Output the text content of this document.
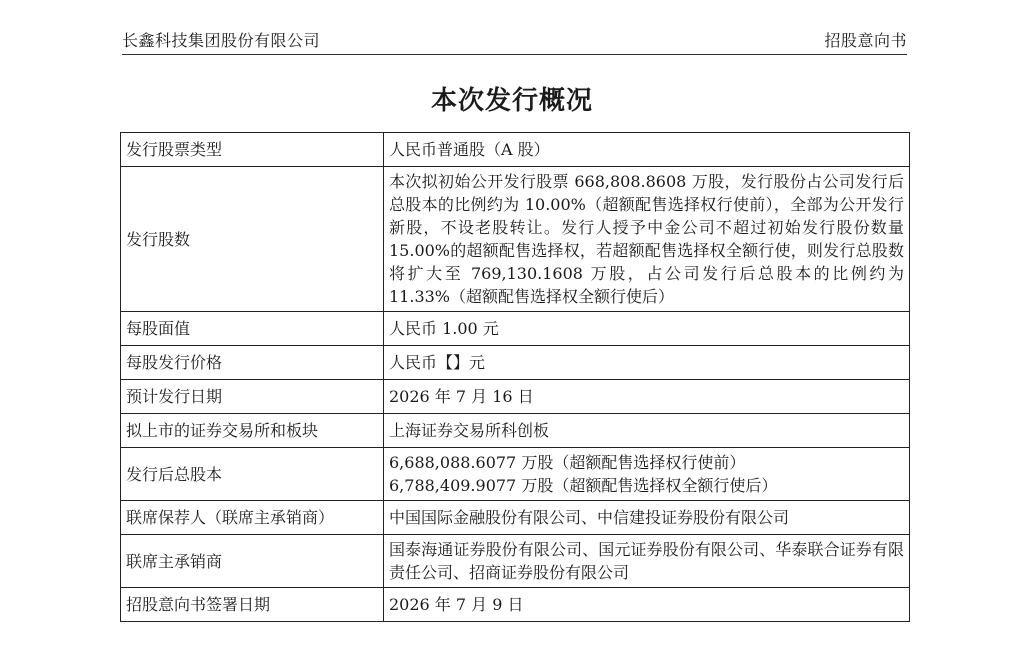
长鑫科技集团股份有限公司	招股意向书
本次发行概况
发行股票类型	人民币普通股（A 股）
发行股数	本次拟初始公开发行股票 668,808.8608 万股，发行股份占公司发行后总股本的比例约为 10.00%（超额配售选择权行使前），全部为公开发行新股，不设老股转让。发行人授予中金公司不超过初始发行股份数量 15.00%的超额配售选择权，若超额配售选择权全额行使，则发行总股数将扩大至 769,130.1608 万股，占公司发行后总股本的比例约为 11.33%（超额配售选择权全额行使后）
每股面值	人民币 1.00 元
每股发行价格	人民币【】元
预计发行日期	2026 年 7 月 16 日
拟上市的证券交易所和板块	上海证券交易所科创板
发行后总股本	6,688,088.6077 万股（超额配售选择权行使前）
6,788,409.9077 万股（超额配售选择权全额行使后）

联席保荐人（联席主承销商）	中国国际金融股份有限公司、中信建投证券股份有限公司
联席主承销商	国泰海通证券股份有限公司、国元证券股份有限公司、华泰联合证券有限责任公司、招商证券股份有限公司
招股意向书签署日期	2026 年 7 月 9 日
